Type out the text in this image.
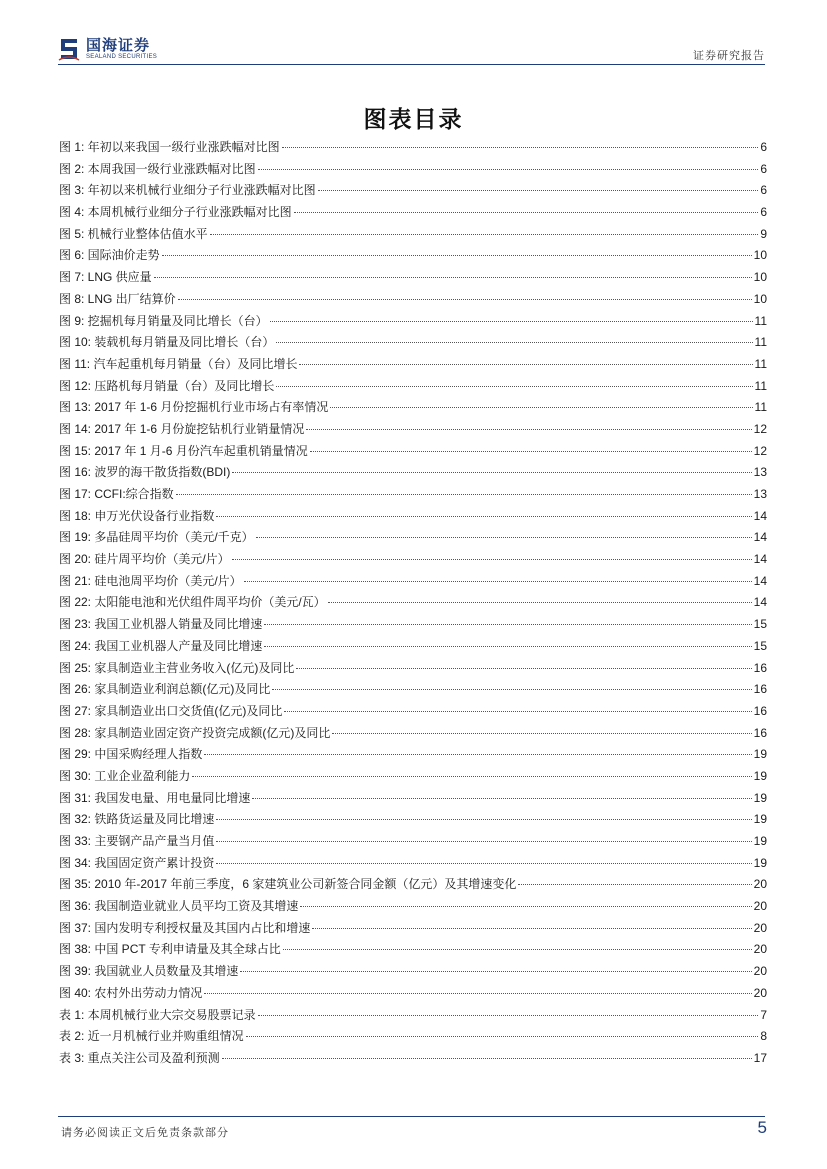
国海证券
SEALAND SECURITIES	证券研究报告
图表目录
图 1: 年初以来我国一级行业涨跌幅对比图	6
图 2: 本周我国一级行业涨跌幅对比图	6
图 3: 年初以来机械行业细分子行业涨跌幅对比图	6
图 4: 本周机械行业细分子行业涨跌幅对比图	6
图 5: 机械行业整体估值水平	9
图 6: 国际油价走势	10
图 7: LNG 供应量	10
图 8: LNG 出厂结算价	10
图 9: 挖掘机每月销量及同比增长（台）	11
图 10: 装载机每月销量及同比增长（台）	11
图 11: 汽车起重机每月销量（台）及同比增长	11
图 12: 压路机每月销量（台）及同比增长	11
图 13: 2017 年 1-6 月份挖掘机行业市场占有率情况	11
图 14: 2017 年 1-6 月份旋挖钻机行业销量情况	12
图 15: 2017 年 1 月-6 月份汽车起重机销量情况	12
图 16: 波罗的海干散货指数(BDI)	13
图 17: CCFI:综合指数	13
图 18: 申万光伏设备行业指数	14
图 19: 多晶硅周平均价（美元/千克）	14
图 20: 硅片周平均价（美元/片）	14
图 21: 硅电池周平均价（美元/片）	14
图 22: 太阳能电池和光伏组件周平均价（美元/瓦）	14
图 23: 我国工业机器人销量及同比增速	15
图 24: 我国工业机器人产量及同比增速	15
图 25: 家具制造业主营业务收入(亿元)及同比	16
图 26: 家具制造业利润总额(亿元)及同比	16
图 27: 家具制造业出口交货值(亿元)及同比	16
图 28: 家具制造业固定资产投资完成额(亿元)及同比	16
图 29: 中国采购经理人指数	19
图 30: 工业企业盈利能力	19
图 31: 我国发电量、用电量同比增速	19
图 32: 铁路货运量及同比增速	19
图 33: 主要钢产品产量当月值	19
图 34: 我国固定资产累计投资	19
图 35: 2010 年-2017 年前三季度，6 家建筑业公司新签合同金额（亿元）及其增速变化	20
图 36: 我国制造业就业人员平均工资及其增速	20
图 37: 国内发明专利授权量及其国内占比和增速	20
图 38: 中国 PCT 专利申请量及其全球占比	20
图 39: 我国就业人员数量及其增速	20
图 40: 农村外出劳动力情况	20
表 1: 本周机械行业大宗交易股票记录	7
表 2: 近一月机械行业并购重组情况	8
表 3: 重点关注公司及盈利预测	17
请务必阅读正文后免责条款部分	5
